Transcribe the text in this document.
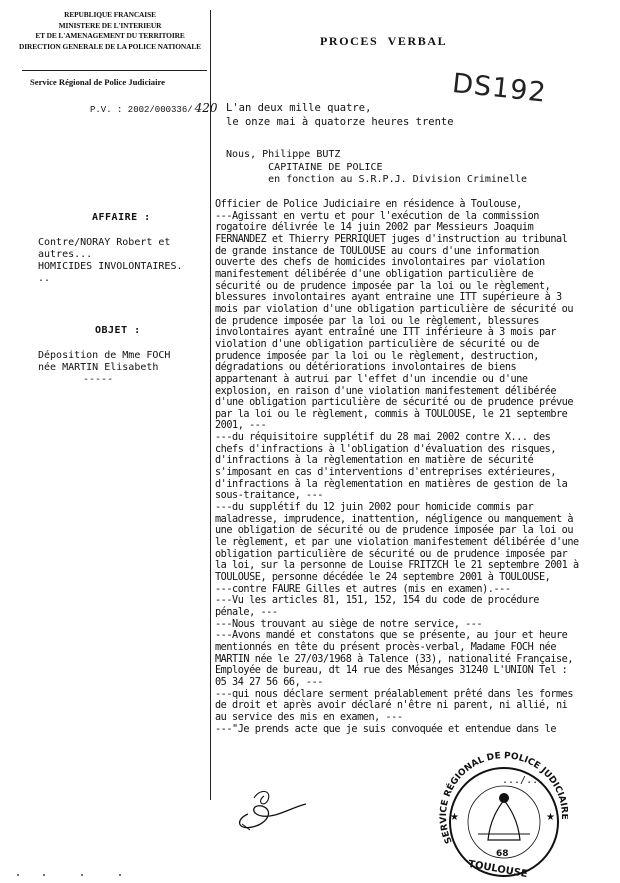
REPUBLIQUE FRANCAISE
MINISTERE DE L'INTERIEUR
ET DE L'AMENAGEMENT DU TERRITOIRE
DIRECTION GENERALE DE LA POLICE NATIONALE
Service Régional de Police Judiciaire
P.V. : 2002/000336/ 420
PROCES VERBAL
DS192
L'an deux mille quatre,
le onze mai à quatorze heures trente
Nous, Philippe BUTZ
CAPITAINE DE POLICE
en fonction au S.R.P.J. Division Criminelle
AFFAIRE :
Contre/NORAY Robert et
autres...
HOMICIDES INVOLONTAIRES.
..
OBJET :
Déposition de Mme FOCH
née MARTIN Elisabeth
-----
Officier de Police Judiciaire en résidence à Toulouse,
---Agissant en vertu et pour l'exécution de la commission
rogatoire délivrée le 14 juin 2002 par Messieurs Joaquim
FERNANDEZ et Thierry PERRIQUET juges d'instruction au tribunal
de grande instance de TOULOUSE au cours d'une information
ouverte des chefs de homicides involontaires par violation
manifestement délibérée d'une obligation particulière de
sécurité ou de prudence imposée par la loi ou le règlement,
blessures involontaires ayant entraine une ITT supérieure à 3
mois par violation d'une obligation particulière de sécurité ou
de prudence imposée par la loi ou le règlement, blessures
involontaires ayant entraîné une ITT inférieure à 3 mois par
violation d'une obligation particulière de sécurité ou de
prudence imposée par la loi ou le règlement, destruction,
dégradations ou détériorations involontaires de biens
appartenant à autrui par l'effet d'un incendie ou d'une
explosion, en raison d'une violation manifestement délibérée
d'une obligation particulière de sécurité ou de prudence prévue
par la loi ou le règlement, commis à TOULOUSE, le 21 septembre
2001, ---
---du réquisitoire supplétif du 28 mai 2002 contre X... des
chefs d'infractions à l'obligation d'évaluation des risques,
d'infractions à la règlementation en matière de sécurité
s'imposant en cas d'interventions d'entreprises extérieures,
d'infractions à la règlementation en matières de gestion de la
sous-traitance, ---
---du supplétif du 12 juin 2002 pour homicide commis par
maladresse, imprudence, inattention, négligence ou manquement à
une obligation de sécurité ou de prudence imposée par la loi ou
le règlement, et par une violation manifestement délibérée d'une
obligation particulière de sécurité ou de prudence imposée par
la loi, sur la personne de Louise FRITZCH le 21 septembre 2001 à
TOULOUSE, personne décédée le 24 septembre 2001 à TOULOUSE,
---contre FAURE Gilles et autres (mis en examen).---
---Vu les articles 81, 151, 152, 154 du code de procédure
pénale, ---
---Nous trouvant au siège de notre service, ---
---Avons mandé et constatons que se présente, au jour et heure
mentionnés en tête du présent procès-verbal, Madame FOCH née
MARTIN née le 27/03/1968 à Talence (33), nationalité Française,
Employée de bureau, dt 14 rue des Mésanges 31240 L'UNION Tel :
05 34 27 56 66, ---
---qui nous déclare serment préalablement prêté dans les formes
de droit et après avoir déclaré n'être ni parent, ni allié, ni
au service des mis en examen, ---
---"Je prends acte que je suis convoquée et entendue dans le
SERVICE RÉGIONAL DE POLICE JUDICIAIR
68
TOULOUSE
★	★
.../...
